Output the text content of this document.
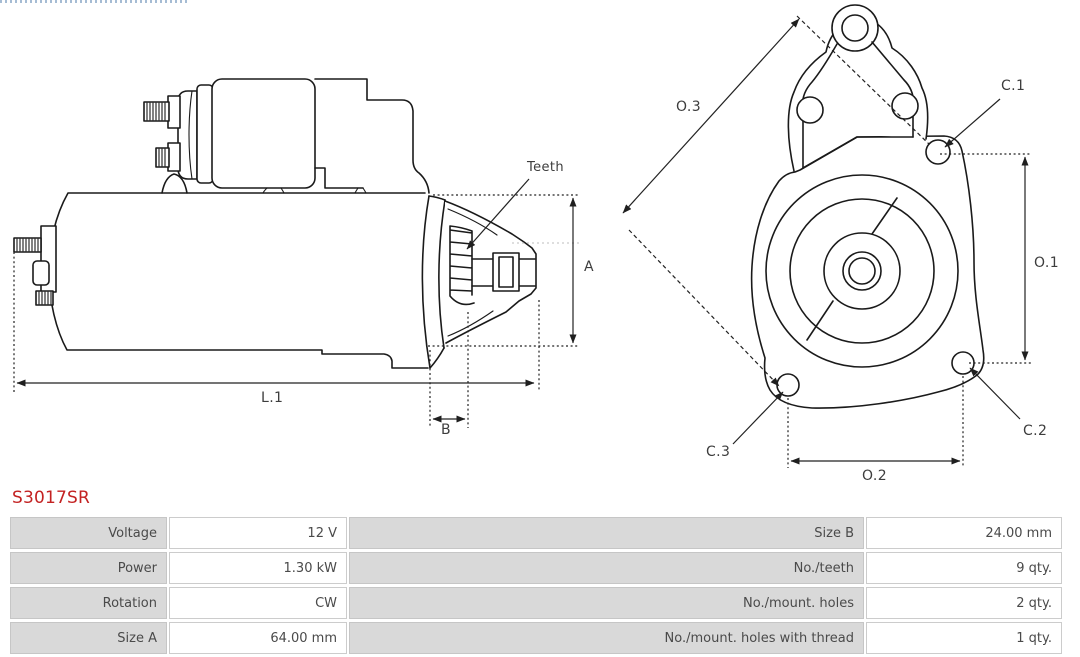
Teeth
A
B
L.1
O.3
C.1
O.1
C.2
C.3
O.2
S3017SR
Voltage	12 V	Size B	24.00 mm
Power	1.30 kW	No./teeth	9 qty.
Rotation	CW	No./mount. holes	2 qty.
Size A	64.00 mm	No./mount. holes with thread	1 qty.
